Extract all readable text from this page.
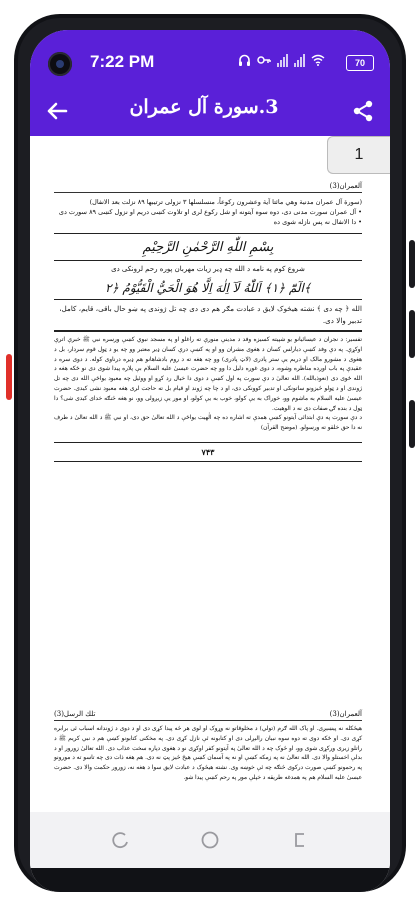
7:22 PM	70
3.سورة آل عمران
1
آلعمران(3)
(سورة آل عمران مدنية وهي مائتا آية وعشرون ركوعاً، منسلسلها ۳ نزولی ترتیبها ۸۹ نزلت بعد الانفال)
• آل عمران سورت مدنی دی، دوه سوه آیتونه او شل رکوع لری او تلاوت کښی دریم او نزول کښی ۸۹ سورت دی
• دا الانفال نه پس نازله شوی ده
بِسْمِ اللّٰهِ الرَّحْمٰنِ الرَّحِيْمِ
شروع کوم په نامه د الله چه ډیر زیات مهربان پوره رحم لرونکی دی
الٓمّٓ ﴿١﴾ اَللّٰهُ لَآ اِلٰهَ اِلَّا هُوَ الْحَيُّ الْقَيُّوْمُ ﴿٢﴾
الله ﴿ چه دی ﴾ نشته هیڅوک لایق د عبادت مګر هم دی دی چه تل ژوندی په ښو حال باقی، قایم، کامل، تدبیر والا دی.
تفسیر: د نجران د عیسائیانو یو شپیته کسیزه وفد د مدینې منورې ته راغلو او په مسجد نبوي کښې ورسره نبي ﷺ خبرې اترې اوکړې. په دې وفد کښې دیارلس کسان د هغوی مشران وو او په کښې درې کسان ډیر معتبر وو چه یو د ټول قوم سردار، بل د هغوی د مشورو مالک او دریم یې ستر پادری (لاټ پادری) وو چه هغه ته د روم بادشاهانو هم ډیره درناوی کوله. د دوی سره د عقیدې په باب اوږده مناظره وشوه، د دوی غوره دلیل دا وو چه حضرت عیسیٰ علیه السلام بې پلاره پیدا شوی دی نو ځکه هغه د الله ځوی دی (نعوذبالله). الله تعالیٰ د دې سورت په اول کښې د دوی دا خیال رد کړو او ووئیل چه معبود یواځې الله دی چه تل ژوندی او د ټولو څیزونو ساتونکی او تدبیر کوونکی دی، او د چا چه ژوند او قیام بل ته حاجت لری هغه معبود نشی کیدی. حضرت عیسیٰ علیه السلام به ماشوم وو، خوراک به یې کولو، خوب به یې کولو، او مور یې زیږولی وو، نو هغه څنګه خدای کیدی شی؟ دا ټول د بنده ګۍ صفات دی نه د الوهیت.
د دې سورت په دې ابتدائی آیتونو کښې همدې ته اشاره ده چه الٰهیت یواځې د الله تعالیٰ حق دی، او نبي ﷺ د الله تعالیٰ د طرف نه دا حق خلقو ته ورسولو. (موضح القرآن)
۷۴۳
تلك الرسل(3)	آلعمران(3)
هیڅکله نه پیښیږی. او پاک الله ګرم (تولي) د مخلوقاتو نه وړوک او لوی هر څه پیدا کړی دی او د دوی د ژوندانه اسباب ئی برابره کړی دی. او ځکه دوی ته دوه سوه نبیان رالیږلی دی او کتابونه ئې نازل کړی دی. په مخکنی کتابونو کښې هم د نبي کریم ﷺ د راتلو زیری ورکړی شوی وو، او څوک چه د الله تعالیٰ په آیتونو کفر اوکړی نو د هغوی دپاره سخت عذاب دی. الله تعالیٰ زورور او د بدلې اخستلو والا دی. الله تعالیٰ نه په زمکه کښې او نه په آسمان کښې هیڅ څیز پټ نه دی. هم هغه ذات دی چه تاسو ته د مورونو په رحمونو کښې صورت درکوی څنګه چه ئې خوښه وی. نشته هیڅوک د عبادت لایق سوا د هغه نه، زورور حکمت والا دی. حضرت عیسیٰ علیه السلام هم په همدغه طریقه د خپلې مور په رحم کښې پیدا شو.
